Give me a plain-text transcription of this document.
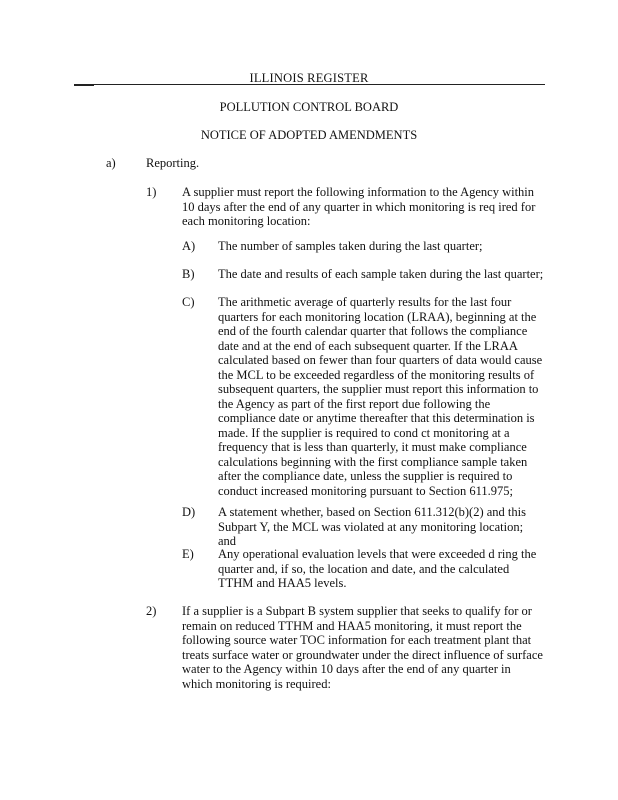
ILLINOIS REGISTER
POLLUTION CONTROL BOARD
NOTICE OF ADOPTED AMENDMENTS
a) Reporting.
1) A supplier must report the following information to the Agency within 10 days after the end of any quarter in which monitoring is req ired for each monitoring location:
A) The number of samples taken during the last quarter;
B) The date and results of each sample taken during the last quarter;
C) The arithmetic average of quarterly results for the last four quarters for each monitoring location (LRAA), beginning at the end of the fourth calendar quarter that follows the compliance date and at the end of each subsequent quarter. If the LRAA calculated based on fewer than four quarters of data would cause the MCL to be exceeded regardless of the monitoring results of subsequent quarters, the supplier must report this information to the Agency as part of the first report due following the compliance date or anytime thereafter that this determination is made. If the supplier is required to cond ct monitoring at a frequency that is less than quarterly, it must make compliance calculations beginning with the first compliance sample taken after the compliance date, unless the supplier is required to conduct increased monitoring pursuant to Section 611.975;
D) A statement whether, based on Section 611.312(b)(2) and this Subpart Y, the MCL was violated at any monitoring location; and
E) Any operational evaluation levels that were exceeded d ring the quarter and, if so, the location and date, and the calculated TTHM and HAA5 levels.
2) If a supplier is a Subpart B system supplier that seeks to qualify for or remain on reduced TTHM and HAA5 monitoring, it must report the following source water TOC information for each treatment plant that treats surface water or groundwater under the direct influence of surface water to the Agency within 10 days after the end of any quarter in which monitoring is required:
